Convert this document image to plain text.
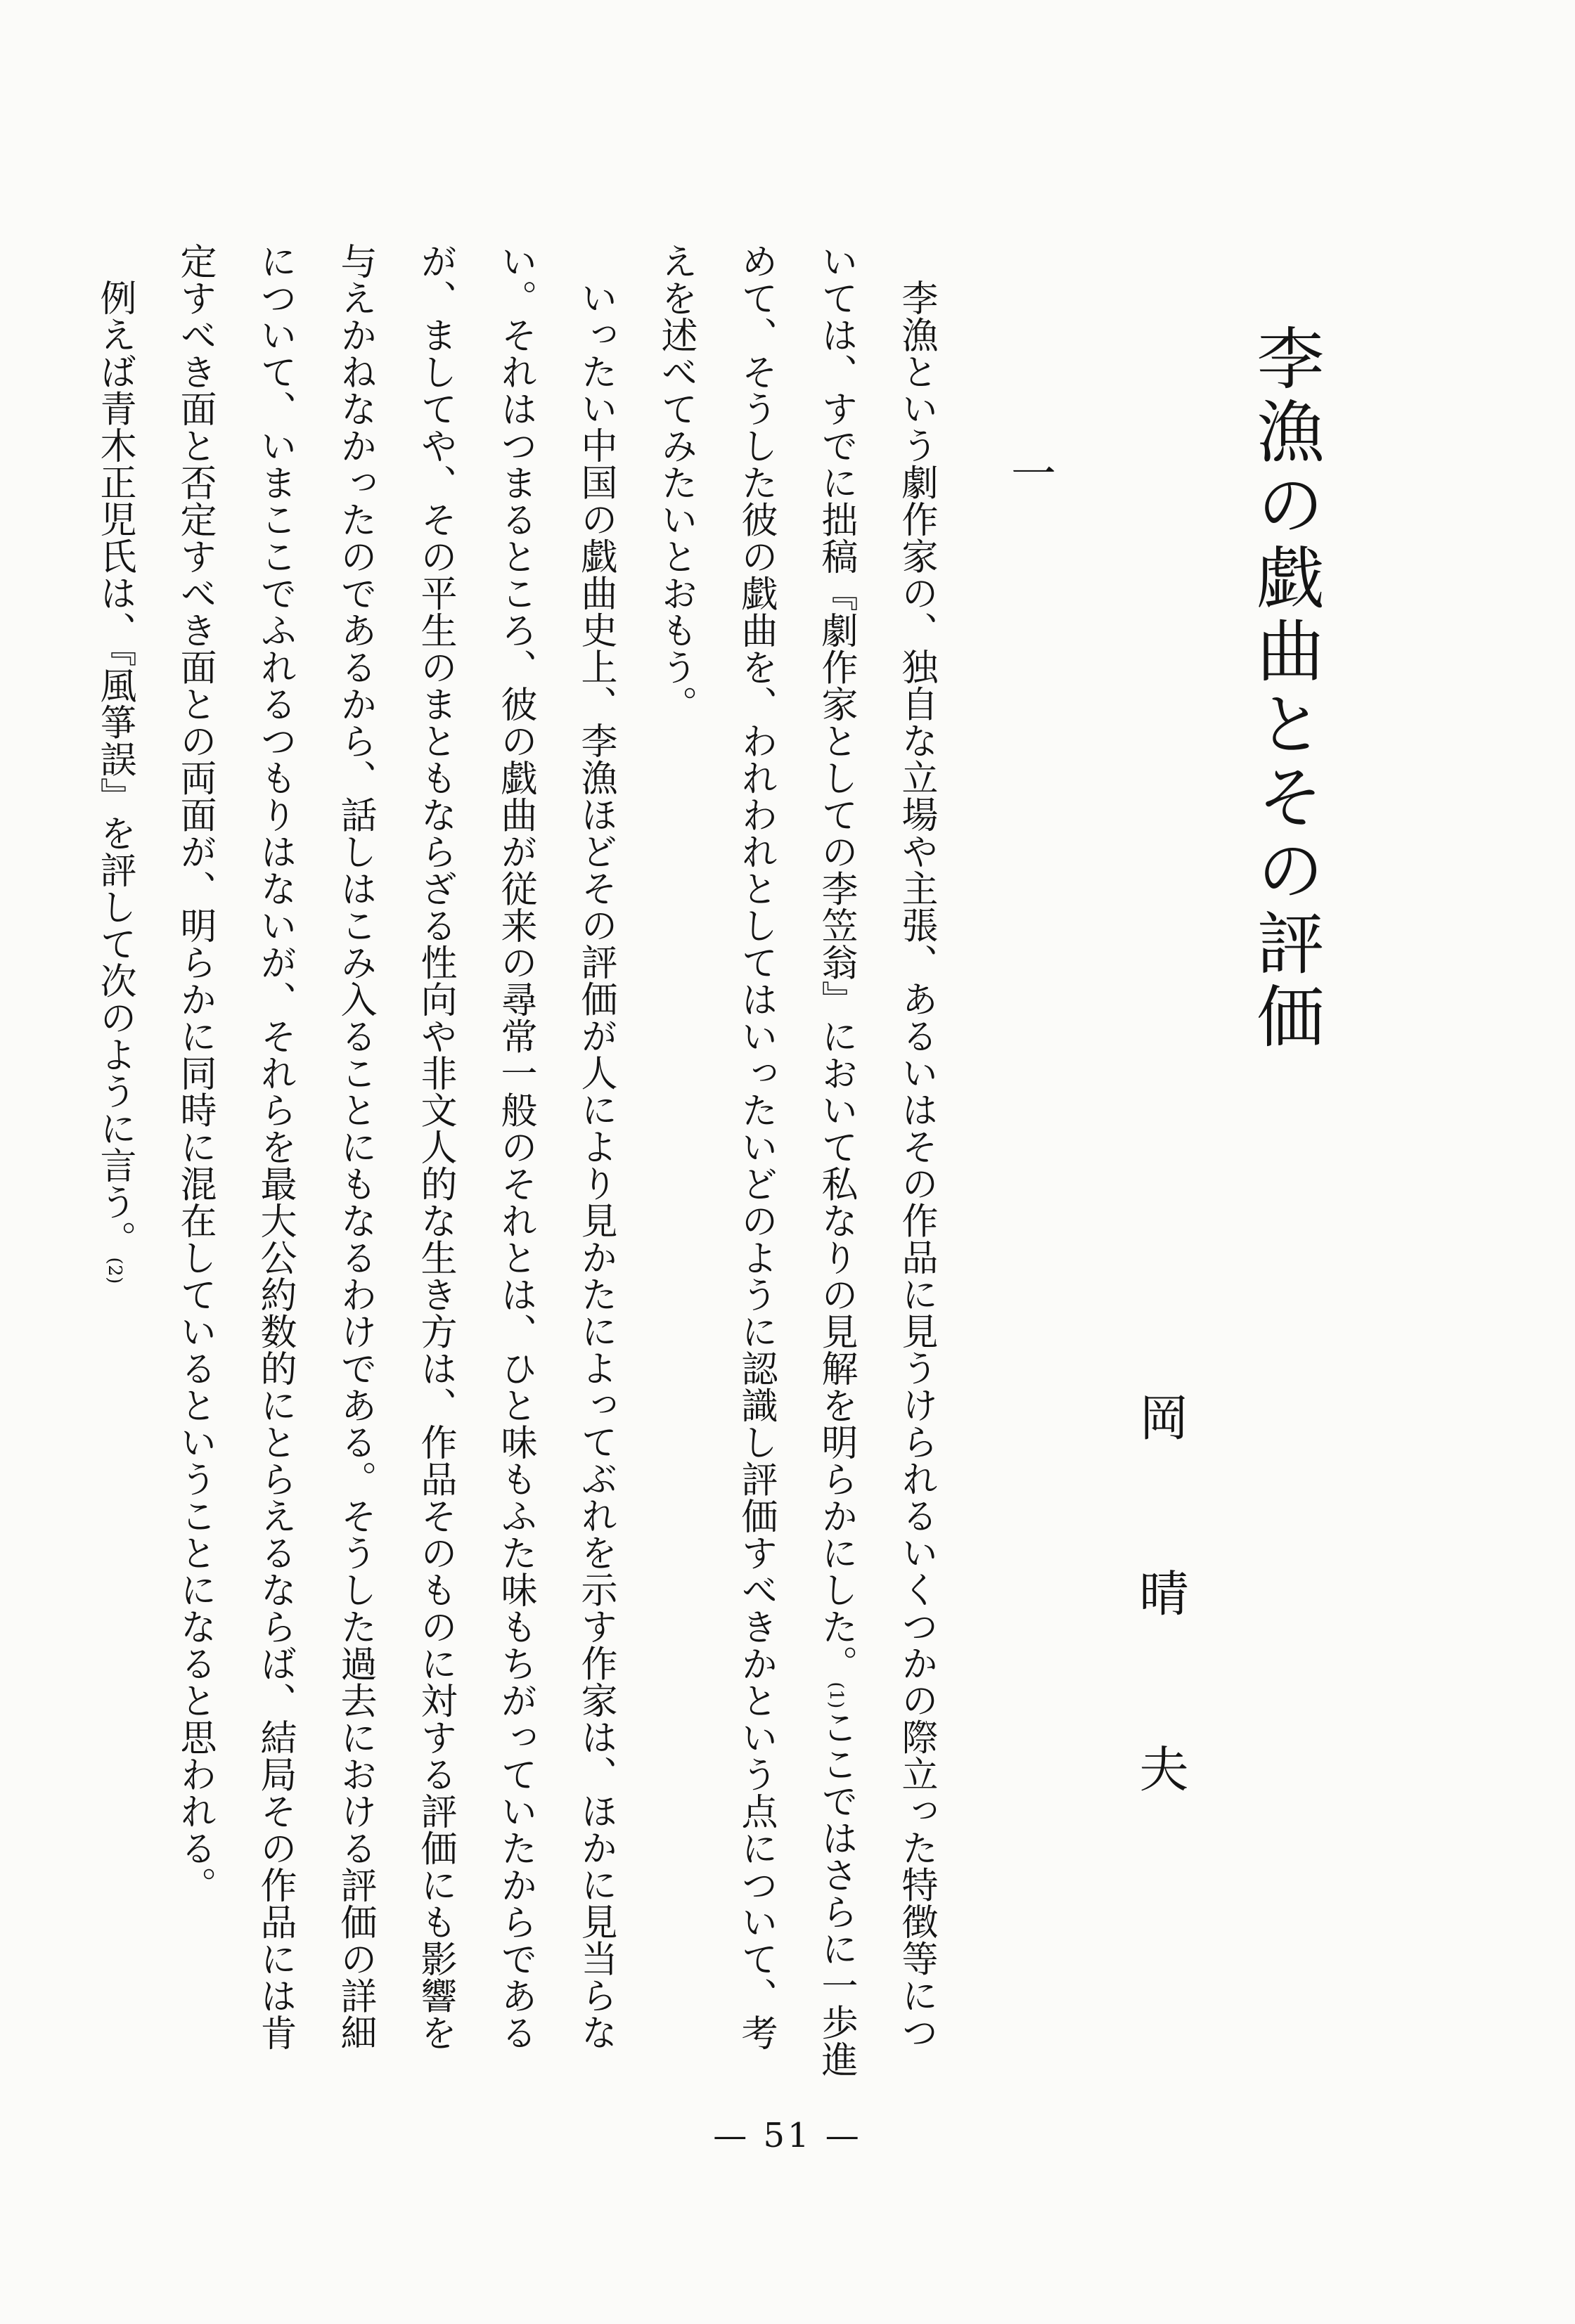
李漁の戯曲とその評価
岡晴夫
一

李漁という劇作家の、独自な立場や主張、あるいはその作品に見うけられるいくつかの際立った特徴等については、すでに拙稿『劇作家としての李笠翁』において私なりの見解を明らかにした。(1)ここではさらに一歩進めて、そうした彼の戯曲を、われわれとしてはいったいどのように認識し評価すべきかという点について、考えを述べてみたいとおもう。

いったい中国の戯曲史上、李漁ほどその評価が人により見かたによってぶれを示す作家は、ほかに見当らない。それはつまるところ、彼の戯曲が従来の尋常一般のそれとは、ひと味もふた味もちがっていたからであるが、ましてや、その平生のまともならざる性向や非文人的な生き方は、作品そのものに対する評価にも影響を与えかねなかったのであるから、話しはこみ入ることにもなるわけである。そうした過去における評価の詳細について、いまここでふれるつもりはないが、それらを最大公約数的にとらえるならば、結局その作品には肯定すべき面と否定すべき面との両面が、明らかに同時に混在しているということになると思われる。

例えば青木正児氏は、『風箏誤』を評して次のように言う。(2)

— 51 —
